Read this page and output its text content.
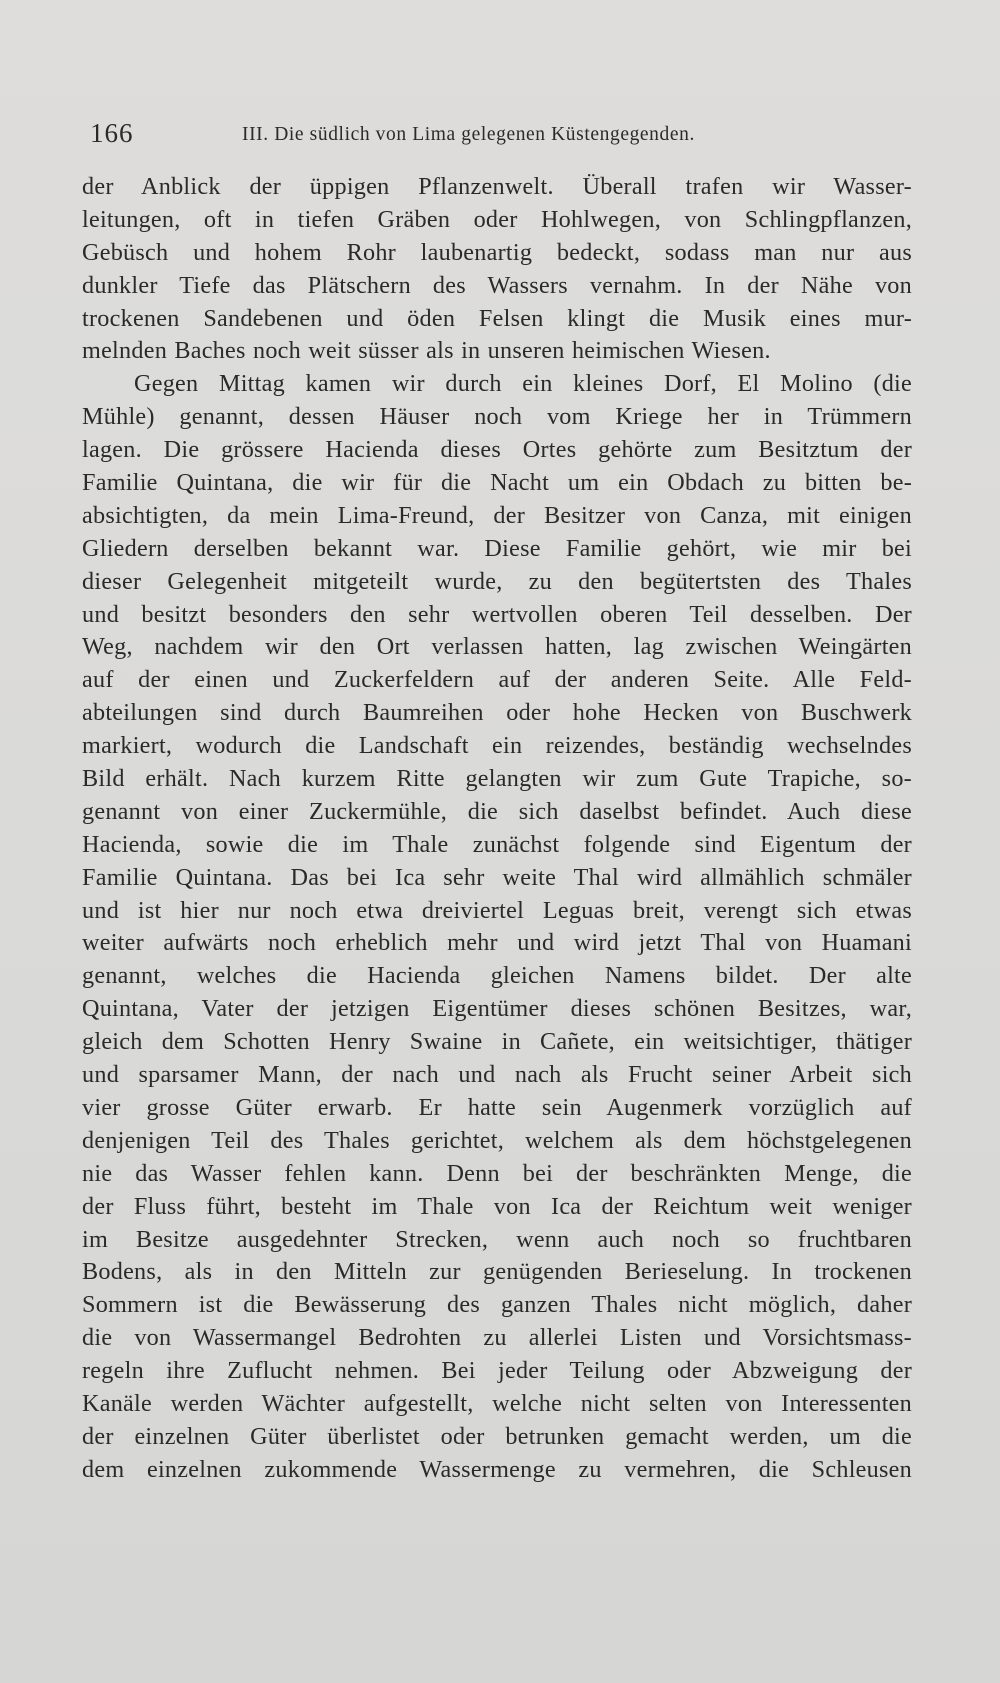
166	III. Die südlich von Lima gelegenen Küstengegenden.
der Anblick der üppigen Pflanzenwelt. Überall trafen wir Wasser-
leitungen, oft in tiefen Gräben oder Hohlwegen, von Schlingpflanzen,
Gebüsch und hohem Rohr laubenartig bedeckt, sodass man nur aus
dunkler Tiefe das Plätschern des Wassers vernahm. In der Nähe von
trockenen Sandebenen und öden Felsen klingt die Musik eines mur-
melnden Baches noch weit süsser als in unseren heimischen Wiesen.
Gegen Mittag kamen wir durch ein kleines Dorf, El Molino (die
Mühle) genannt, dessen Häuser noch vom Kriege her in Trümmern
lagen. Die grössere Hacienda dieses Ortes gehörte zum Besitztum der
Familie Quintana, die wir für die Nacht um ein Obdach zu bitten be-
absichtigten, da mein Lima-Freund, der Besitzer von Canza, mit einigen
Gliedern derselben bekannt war. Diese Familie gehört, wie mir bei
dieser Gelegenheit mitgeteilt wurde, zu den begütertsten des Thales
und besitzt besonders den sehr wertvollen oberen Teil desselben. Der
Weg, nachdem wir den Ort verlassen hatten, lag zwischen Weingärten
auf der einen und Zuckerfeldern auf der anderen Seite. Alle Feld-
abteilungen sind durch Baumreihen oder hohe Hecken von Buschwerk
markiert, wodurch die Landschaft ein reizendes, beständig wechselndes
Bild erhält. Nach kurzem Ritte gelangten wir zum Gute Trapiche, so-
genannt von einer Zuckermühle, die sich daselbst befindet. Auch diese
Hacienda, sowie die im Thale zunächst folgende sind Eigentum der
Familie Quintana. Das bei Ica sehr weite Thal wird allmählich schmäler
und ist hier nur noch etwa dreiviertel Leguas breit, verengt sich etwas
weiter aufwärts noch erheblich mehr und wird jetzt Thal von Huamani
genannt, welches die Hacienda gleichen Namens bildet. Der alte
Quintana, Vater der jetzigen Eigentümer dieses schönen Besitzes, war,
gleich dem Schotten Henry Swaine in Cañete, ein weitsichtiger, thätiger
und sparsamer Mann, der nach und nach als Frucht seiner Arbeit sich
vier grosse Güter erwarb. Er hatte sein Augenmerk vorzüglich auf
denjenigen Teil des Thales gerichtet, welchem als dem höchstgelegenen
nie das Wasser fehlen kann. Denn bei der beschränkten Menge, die
der Fluss führt, besteht im Thale von Ica der Reichtum weit weniger
im Besitze ausgedehnter Strecken, wenn auch noch so fruchtbaren
Bodens, als in den Mitteln zur genügenden Berieselung. In trockenen
Sommern ist die Bewässerung des ganzen Thales nicht möglich, daher
die von Wassermangel Bedrohten zu allerlei Listen und Vorsichtsmass-
regeln ihre Zuflucht nehmen. Bei jeder Teilung oder Abzweigung der
Kanäle werden Wächter aufgestellt, welche nicht selten von Interessenten
der einzelnen Güter überlistet oder betrunken gemacht werden, um die
dem einzelnen zukommende Wassermenge zu vermehren, die Schleusen
